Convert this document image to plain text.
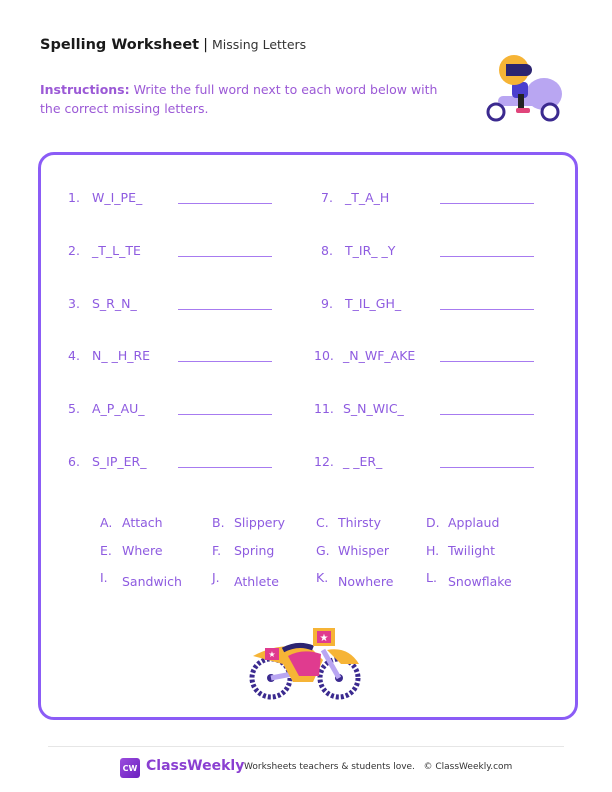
Spelling Worksheet | Missing Letters
Instructions: Write the full word next to each word below with the correct missing letters.
1. W_I_PE_
2. _T_L_TE
3. S_R_N_
4. N_ _H_RE
5. A_P_AU_
6. S_IP_ER_
7. _T_A_H
8. T_IR_ _Y
9. T_IL_GH_
10. _N_WF_AKE
11. S_N_WIC_
12. _ _ER_
A. Attach	B. Slippery C. Thirsty	D. Applaud
E. Where	F. Spring	G. Whisper	H. Twilight
I. Sandwich J. Athlete	K. Nowhere	L. Snowflake
★
★
CW ClassWeekly Worksheets teachers & students love.   © ClassWeekly.com
